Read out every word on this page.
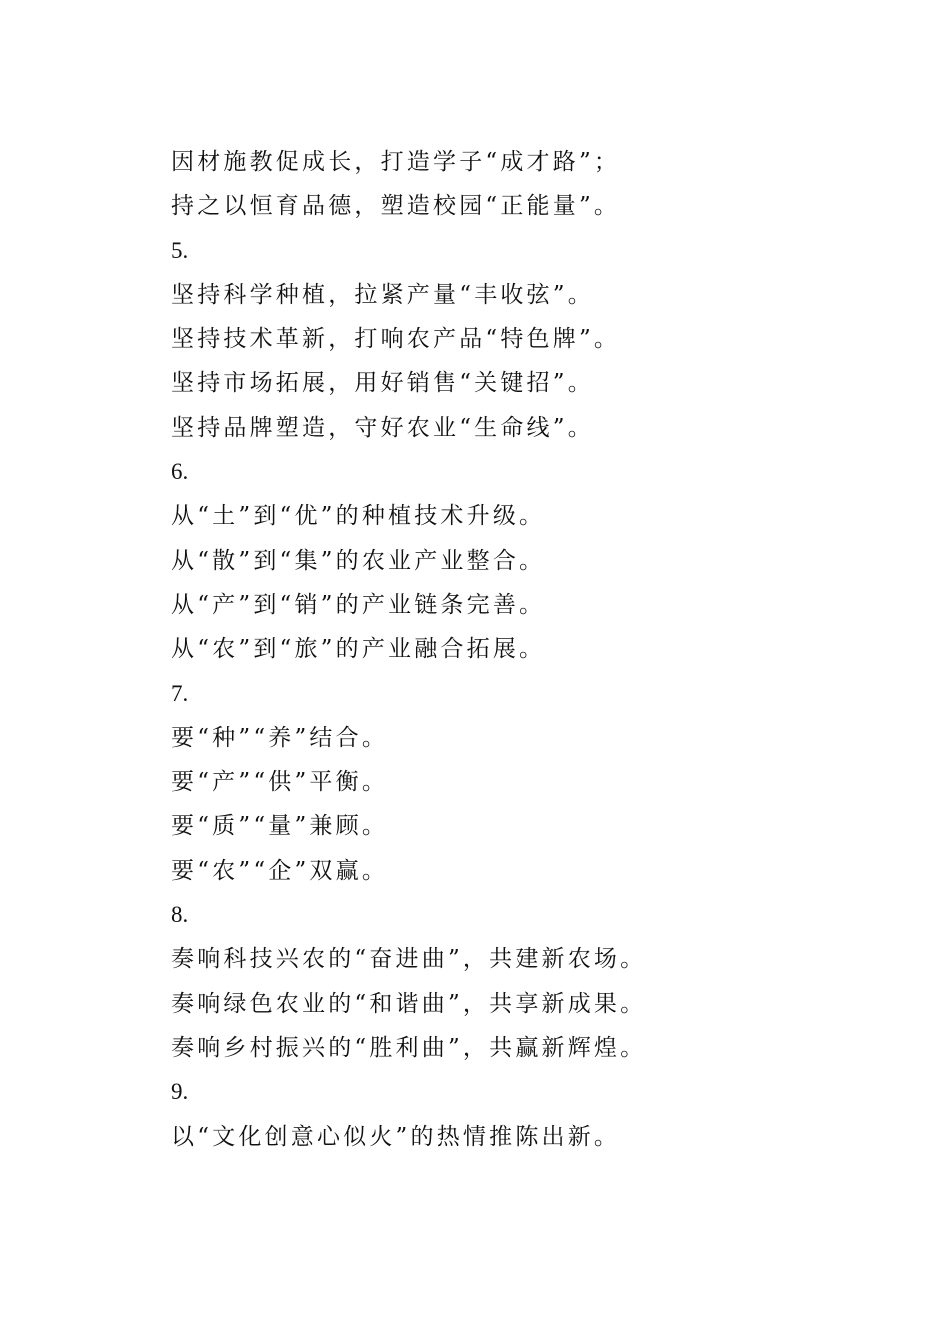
因材施教促成长，打造学子“成才路”；
持之以恒育品德，塑造校园“正能量”。
5.
坚持科学种植，拉紧产量“丰收弦”。
坚持技术革新，打响农产品“特色牌”。
坚持市场拓展，用好销售“关键招”。
坚持品牌塑造，守好农业“生命线”。
6.
从“土”到“优”的种植技术升级。
从“散”到“集”的农业产业整合。
从“产”到“销”的产业链条完善。
从“农”到“旅”的产业融合拓展。
7.
要“种”“养”结合。
要“产”“供”平衡。
要“质”“量”兼顾。
要“农”“企”双赢。
8.
奏响科技兴农的“奋进曲”，共建新农场。
奏响绿色农业的“和谐曲”，共享新成果。
奏响乡村振兴的“胜利曲”，共赢新辉煌。
9.
以“文化创意心似火”的热情推陈出新。
